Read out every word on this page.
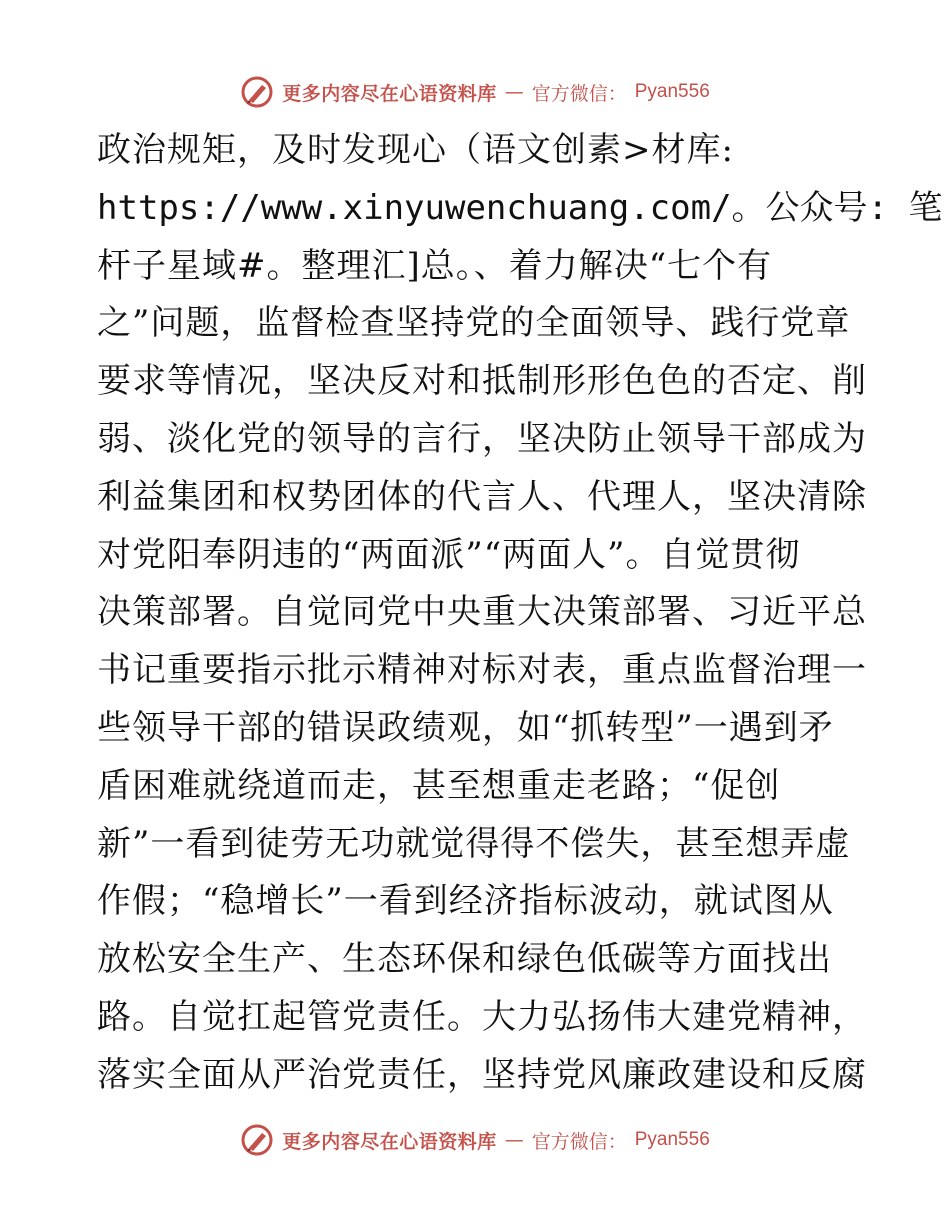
更多内容尽在心语资料库 — 官方微信： Pyan556
政治规矩，及时发现心（语文创素>材库:
https://www.xinyuwenchuang.com/。公众号: 笔
杆子星域#。整理汇]总。、着力解决“七个有
之”问题，监督检查坚持党的全面领导、践行党章
要求等情况，坚决反对和抵制形形色色的否定、削
弱、淡化党的领导的言行，坚决防止领导干部成为
利益集团和权势团体的代言人、代理人，坚决清除
对党阳奉阴违的“两面派”“两面人”。自觉贯彻
决策部署。自觉同党中央重大决策部署、习近平总
书记重要指示批示精神对标对表，重点监督治理一
些领导干部的错误政绩观，如“抓转型”一遇到矛
盾困难就绕道而走，甚至想重走老路；“促创
新”一看到徒劳无功就觉得得不偿失，甚至想弄虚
作假；“稳增长”一看到经济指标波动，就试图从
放松安全生产、生态环保和绿色低碳等方面找出
路。自觉扛起管党责任。大力弘扬伟大建党精神，
落实全面从严治党责任，坚持党风廉政建设和反腐
更多内容尽在心语资料库 — 官方微信： Pyan556
